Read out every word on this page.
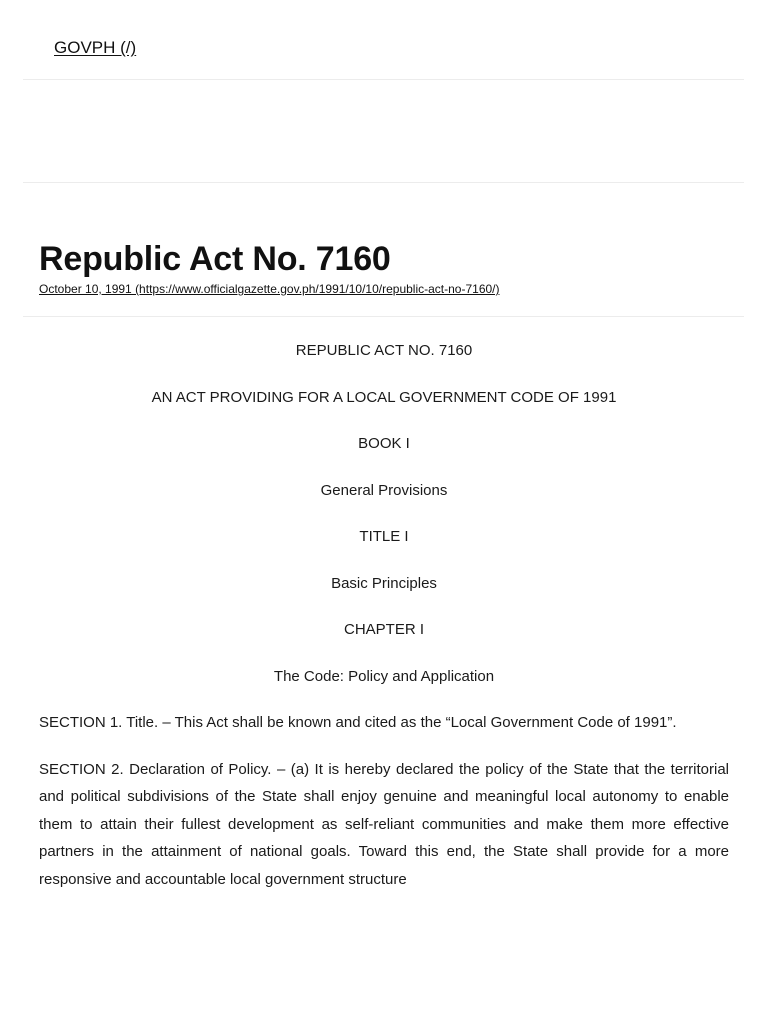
GOVPH (/)
Republic Act No. 7160
October 10, 1991 (https://www.officialgazette.gov.ph/1991/10/10/republic-act-no-7160/)

REPUBLIC ACT NO. 7160

AN ACT PROVIDING FOR A LOCAL GOVERNMENT CODE OF 1991

BOOK I

General Provisions

TITLE I

Basic Principles

CHAPTER I

The Code: Policy and Application

SECTION 1. Title. – This Act shall be known and cited as the “Local Government Code of 1991”.

SECTION 2. Declaration of Policy. – (a) It is hereby declared the policy of the State that the territorial and political subdivisions of the State shall enjoy genuine and meaningful local autonomy to enable them to attain their fullest development as self-reliant communities and make them more effective partners in the attainment of national goals. Toward this end, the State shall provide for a more responsive and accountable local government structure
